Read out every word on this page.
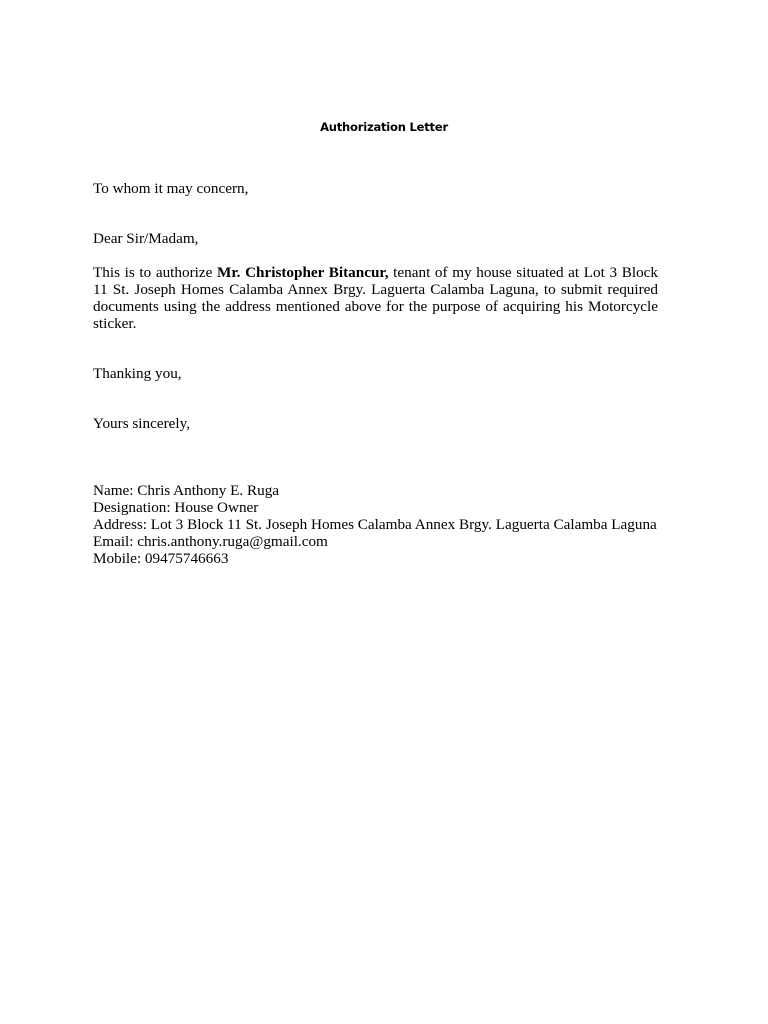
Authorization Letter
To whom it may concern,
Dear Sir/Madam,
This is to authorize Mr. Christopher Bitancur, tenant of my house situated at Lot 3 Block 11 St. Joseph Homes Calamba Annex Brgy. Laguerta Calamba Laguna, to submit required documents using the address mentioned above for the purpose of acquiring his Motorcycle sticker.
Thanking you,
Yours sincerely,
Name: Chris Anthony E. Ruga
Designation: House Owner
Address: Lot 3 Block 11 St. Joseph Homes Calamba Annex Brgy. Laguerta Calamba Laguna
Email: chris.anthony.ruga@gmail.com
Mobile: 09475746663
